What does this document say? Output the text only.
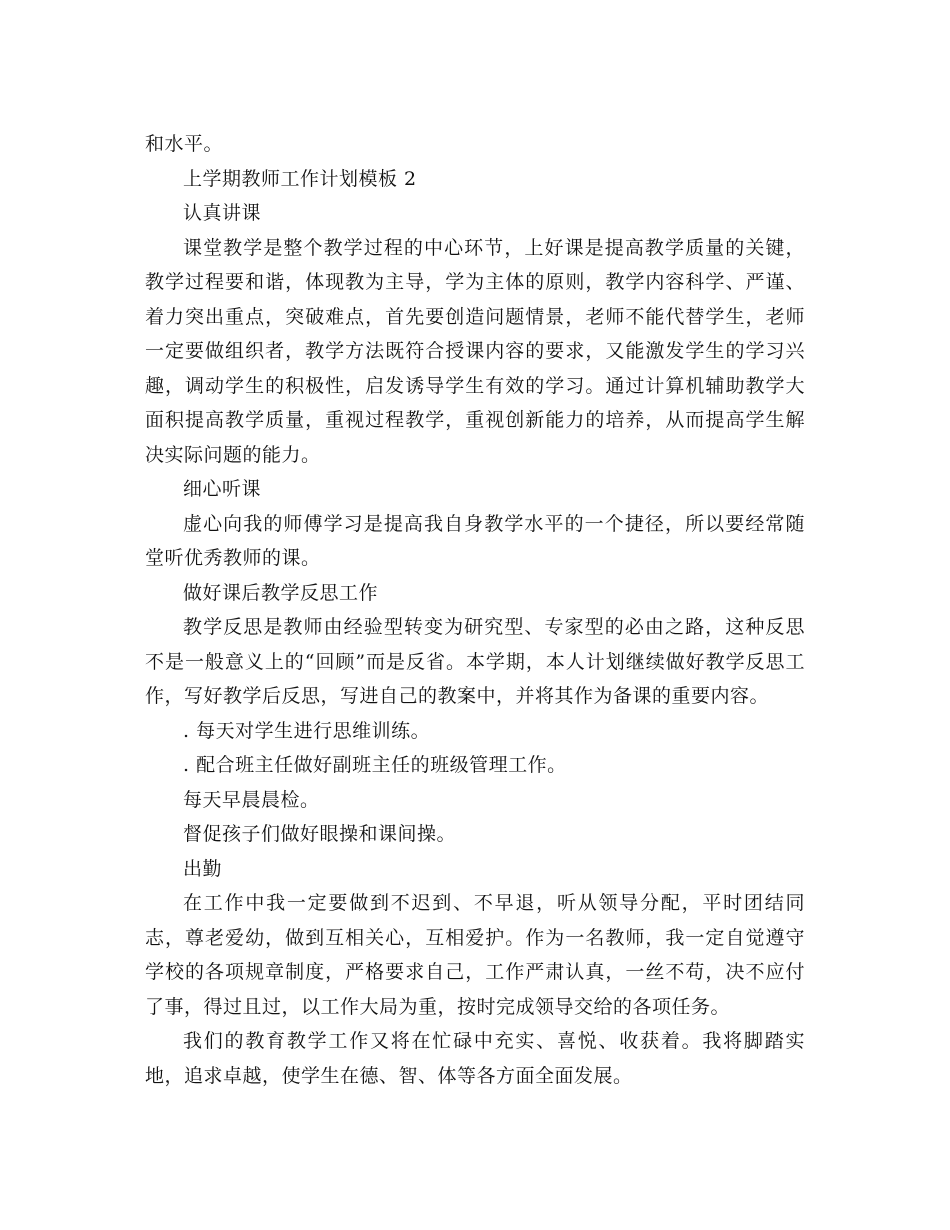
和水平。

上学期教师工作计划模板 2

认真讲课

课堂教学是整个教学过程的中心环节，上好课是提高教学质量的关键，教学过程要和谐，体现教为主导，学为主体的原则，教学内容科学、严谨、着力突出重点，突破难点，首先要创造问题情景，老师不能代替学生，老师一定要做组织者，教学方法既符合授课内容的要求，又能激发学生的学习兴趣，调动学生的积极性，启发诱导学生有效的学习。通过计算机辅助教学大面积提高教学质量，重视过程教学，重视创新能力的培养，从而提高学生解决实际问题的能力。

细心听课

虚心向我的师傅学习是提高我自身教学水平的一个捷径，所以要经常随堂听优秀教师的课。

做好课后教学反思工作

教学反思是教师由经验型转变为研究型、专家型的必由之路，这种反思不是一般意义上的“回顾”而是反省。本学期，本人计划继续做好教学反思工作，写好教学后反思，写进自己的教案中，并将其作为备课的重要内容。

. 每天对学生进行思维训练。

. 配合班主任做好副班主任的班级管理工作。

每天早晨晨检。

督促孩子们做好眼操和课间操。

出勤

在工作中我一定要做到不迟到、不早退，听从领导分配，平时团结同志，尊老爱幼，做到互相关心，互相爱护。作为一名教师，我一定自觉遵守学校的各项规章制度，严格要求自己，工作严肃认真，一丝不苟，决不应付了事，得过且过，以工作大局为重，按时完成领导交给的各项任务。

我们的教育教学工作又将在忙碌中充实、喜悦、收获着。我将脚踏实地，追求卓越，使学生在德、智、体等各方面全面发展。
